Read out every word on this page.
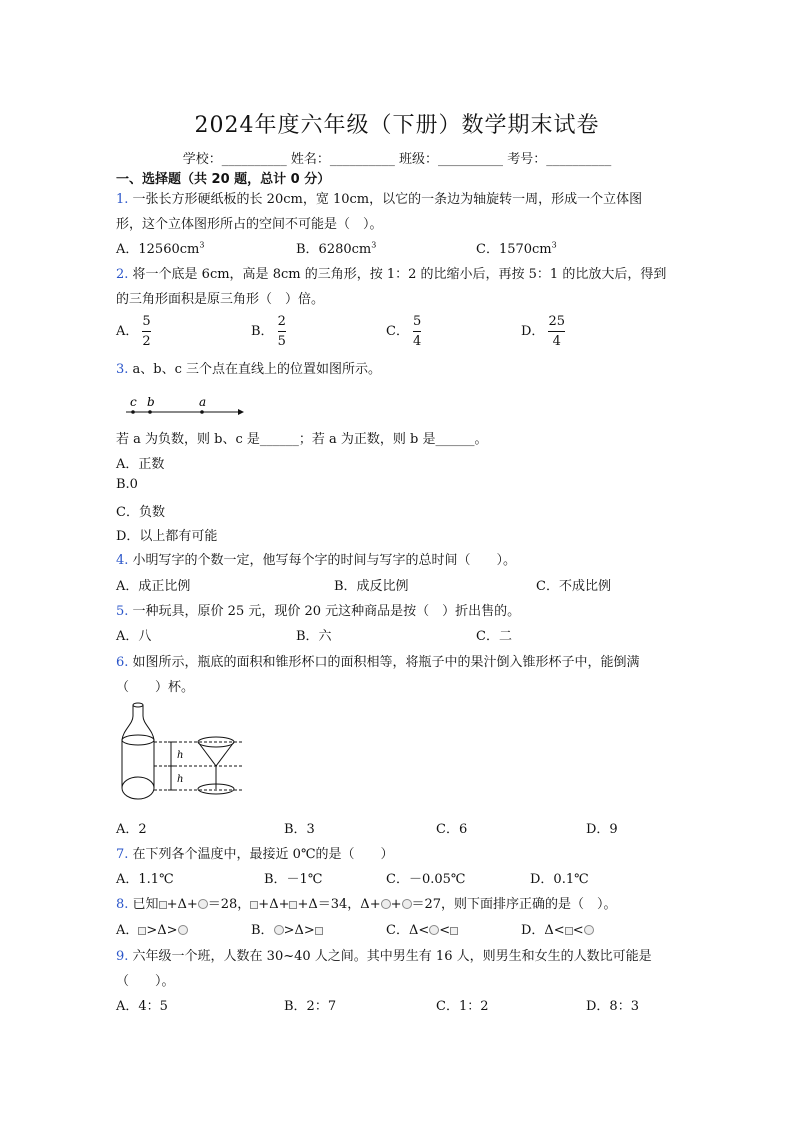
2024年度六年级（下册）数学期末试卷
学校：__________ 姓名：__________ 班级：__________ 考号：__________
一、选择题（共 20 题，总计 0 分）
1. 一张长方形硬纸板的长 20cm，宽 10cm，以它的一条边为轴旋转一周，形成一个立体图
形，这个立体图形所占的空间不可能是（　）。
A．$12560cm^3$	B．$6280cm^3$	C．$1570cm^3$
2. 将一个底是 6cm，高是 8cm 的三角形，按 1：2 的比缩小后，再按 5：1 的比放大后，得到
的三角形面积是原三角形（　）倍。
A． $\frac{5}{2}$	B． $\frac{2}{5}$	C． $\frac{5}{4}$	D． $\frac{25}{4}$
3. a、b、c 三个点在直线上的位置如图所示。
c b	a
若 a 为负数，则 b、c 是______；若 a 为正数，则 b 是______。
A．正数
B.0
C．负数
D．以上都有可能
4. 小明写字的个数一定，他写每个字的时间与写字的总时间（　　）。
A．成正比例	B．成反比例	C．不成比例
5. 一种玩具，原价 25 元，现价 20 元这种商品是按（　）折出售的。
A．八	B．六	C．二
6. 如图所示，瓶底的面积和锥形杯口的面积相等，将瓶子中的果汁倒入锥形杯子中，能倒满
（　　）杯。
h
h
A．2	B．3	C．6	D．9
7. 在下列各个温度中，最接近 0℃的是（　　）
A．1.1℃	B．－1℃	C．－0.05℃	D．0.1℃
8. 已知 +Δ+ ＝28， +Δ+ +Δ＝34，Δ+ + ＝27，则下面排序正确的是（　）。
A． >Δ>	B． >Δ>	C．Δ< <	D．Δ< <
9. 六年级一个班，人数在 30~40 人之间。其中男生有 16 人，则男生和女生的人数比可能是
（　　）。
A．4：5	B．2：7	C．1：2	D．8：3
